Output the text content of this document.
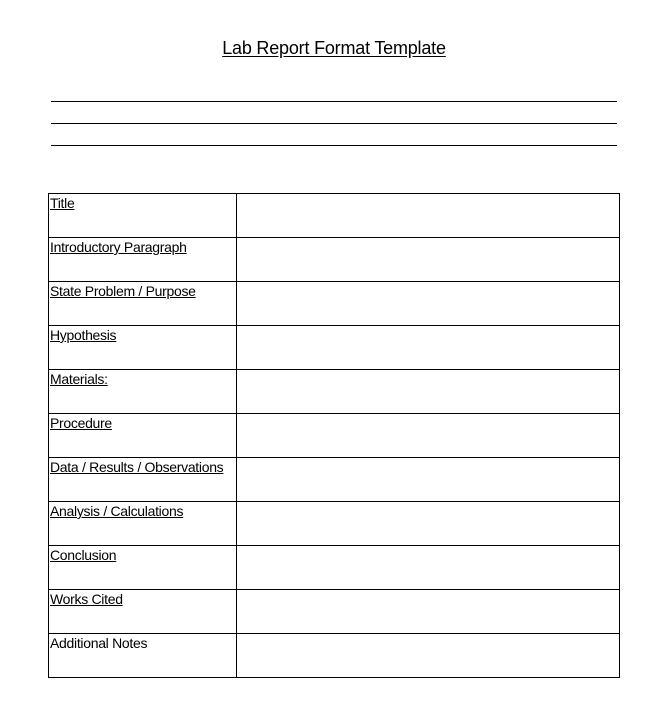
Lab Report Format Template
Title	

Introductory Paragraph	

State Problem / Purpose	

Hypothesis	

Materials:	

Procedure	

Data / Results / Observations	

Analysis / Calculations	

Conclusion	

Works Cited	

Additional Notes	
